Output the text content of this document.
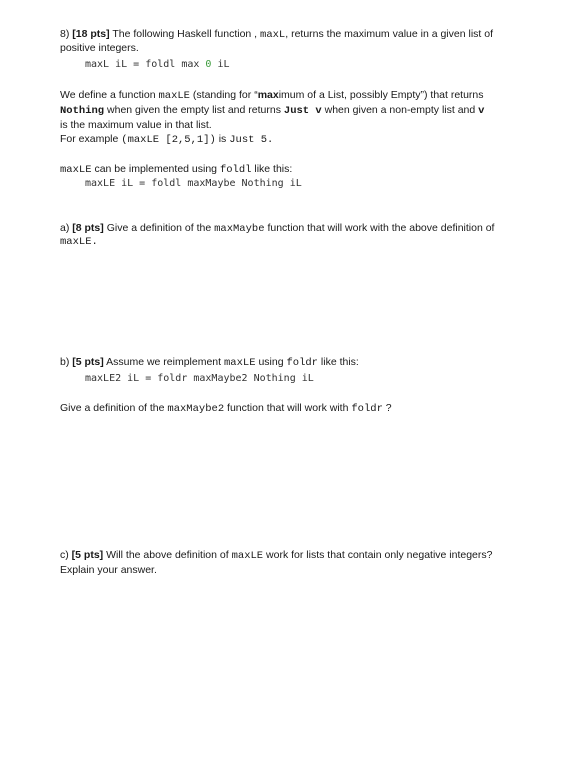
8) [18 pts] The following Haskell function , maxL, returns the maximum value in a given list of
positive integers.
maxL iL = foldl max 0 iL
We define a function maxLE (standing for “maximum of a List, possibly Empty”) that returns
Nothing when given the empty list and returns Just v when given a non-empty list and v
is the maximum value in that list.
For example (maxLE [2,5,1]) is Just 5.
maxLE can be implemented using foldl like this:
maxLE iL = foldl maxMaybe Nothing iL
a) [8 pts] Give a definition of the maxMaybe function that will work with the above definition of
maxLE.
b) [5 pts] Assume we reimplement maxLE using foldr like this:
maxLE2 iL = foldr maxMaybe2 Nothing iL
Give a definition of the maxMaybe2 function that will work with foldr ?
c) [5 pts] Will the above definition of maxLE work for lists that contain only negative integers?
Explain your answer.
